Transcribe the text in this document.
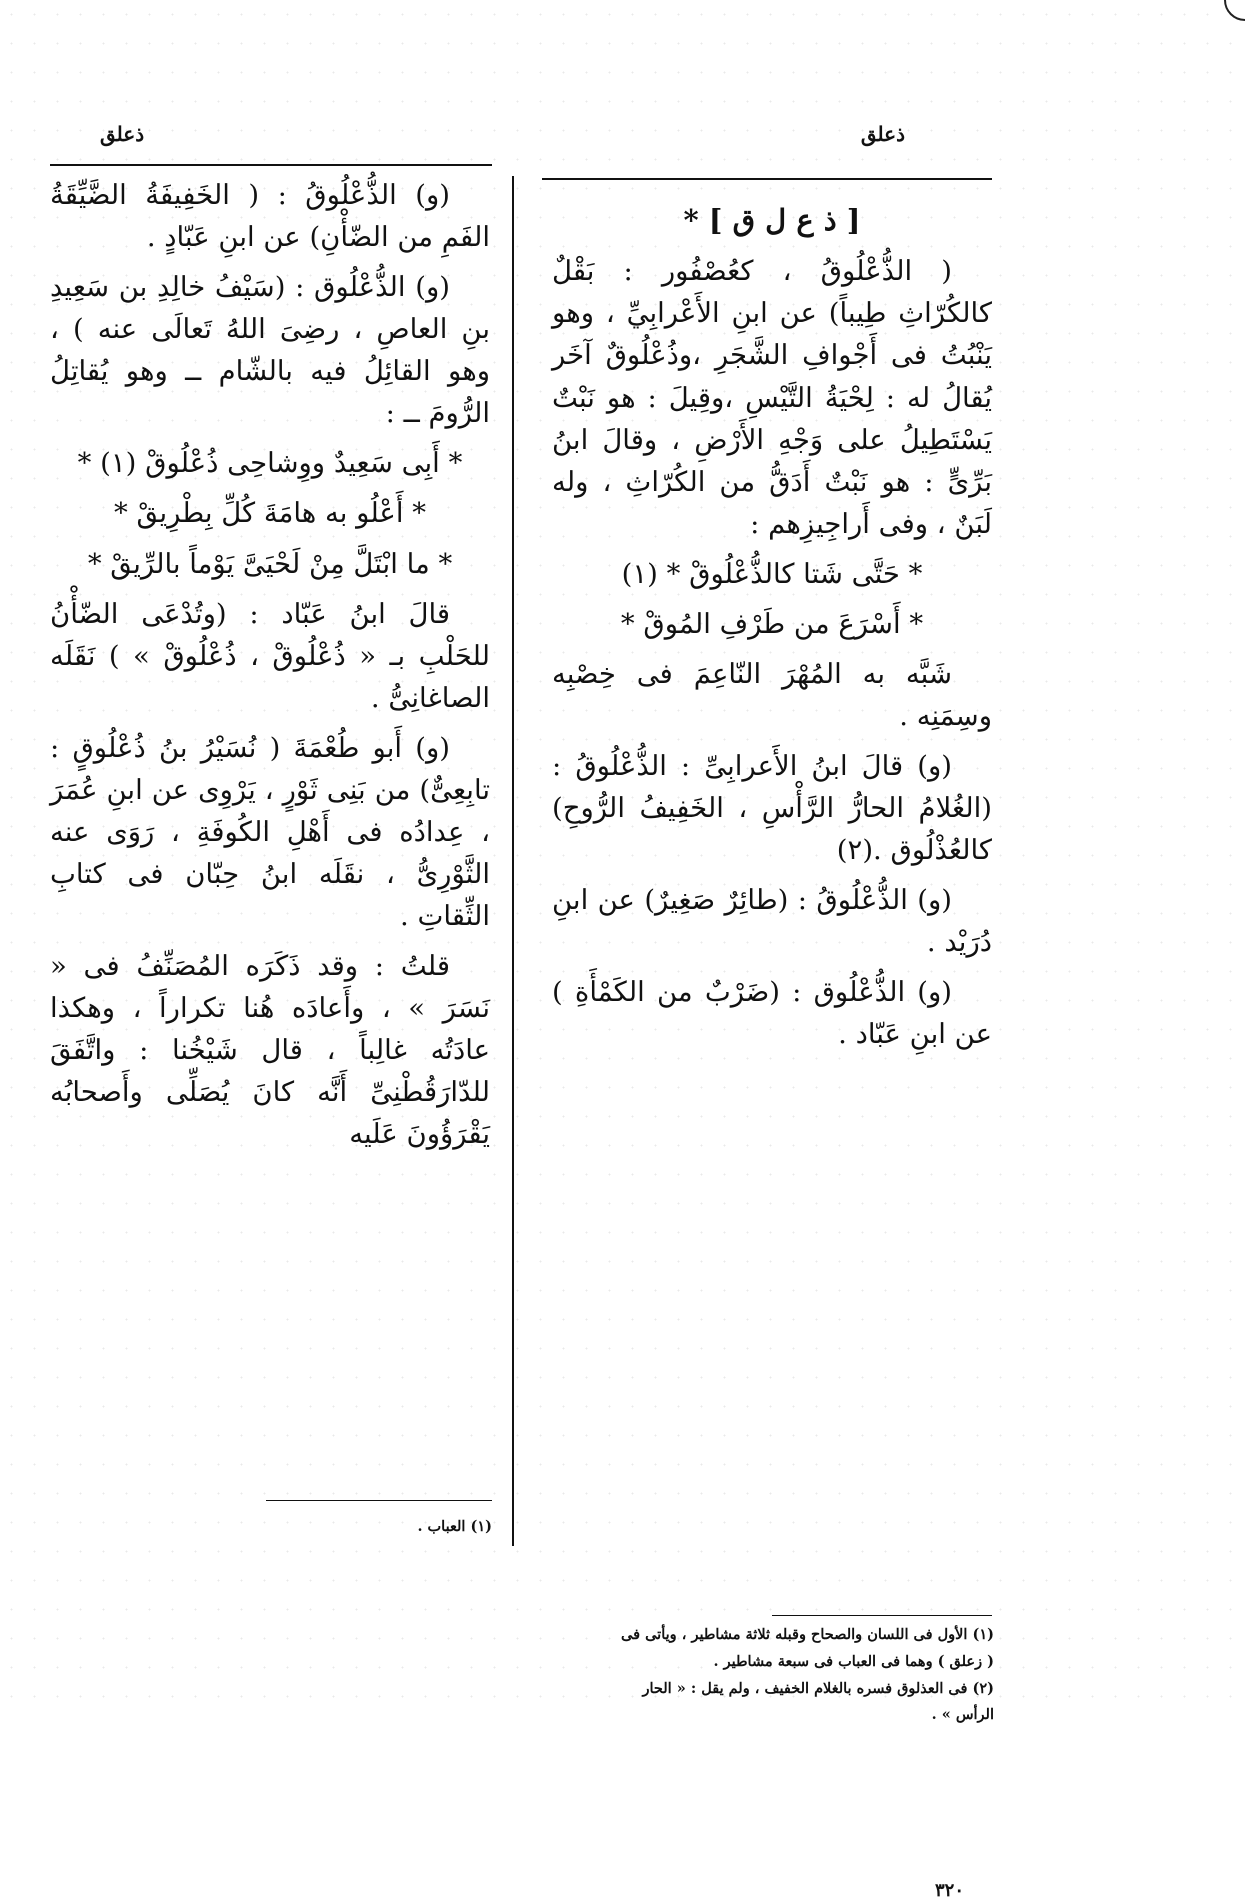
ذعلق
ذعلق

[ ذ ع ل ق ] *

( الذُّعْلُوقُ ، كعُصْفُور : بَقْلٌ كالكُرّاثِ طِيباً) عن ابنِ الأَعْرابِيِّ ، وهو يَنْبُتُ فى أَجْوافِ الشَّجَرِ ،وذُعْلُوقٌ آخَر يُقالُ له : لِحْيَةُ التَّيْسِ ،وقِيلَ : هو نَبْتٌ يَسْتَطِيلُ على وَجْهِ الأَرْضِ ، وقالَ ابنُ بَرِّىٍّ : هو نَبْتٌ أَدَقُّ من الكُرّاثِ ، وله لَبَنٌ ، وفى أَراجِيزِهم :

* حَتَّى شَتا كالذُّعْلُوقْ * (١)

* أَسْرَعَ من طَرْفِ المُوقْ *

شَبَّه به المُهْرَ النّاعِمَ فى خِصْبِه وسِمَنِه .

(و) قالَ ابنُ الأَعرابِىِّ : الذُّعْلُوقُ : (الغُلامُ الحارُّ الرَّأْسِ ، الخَفِيفُ الرُّوحِ) كالعُذْلُوق .(٢)

(و) الذُّعْلُوقُ : (طائِرٌ صَغِيرٌ) عن ابنِ دُرَيْد .

(و) الذُّعْلُوق : (ضَرْبٌ من الكَمْأَةِ ) عن ابنِ عَبّاد .

(و) الذُّعْلُوقُ : ( الخَفِيفَةُ الضَّيِّقَةُ الفَمِ من الضّأْنِ) عن ابنِ عَبّادٍ .

(و) الذُّعْلُوق : (سَيْفُ خالِدِ بن سَعِيدِ بنِ العاصِ ، رضِىَ اللهُ تَعالَى عنه ) ، وهو القائِلُ فيه بالشّام ــ وهو يُقاتِلُ الرُّومَ ــ :

* أَبِى سَعِيدٌ ووِشاحِى ذُعْلُوقْ (١) *

* أَعْلُو به هامَةَ كُلِّ بِطْرِيقْ *

* ما ابْتَلَّ مِنْ لَحْيَىَّ يَوْماً بالرِّيقْ *

قالَ ابنُ عَبّاد : (وتُدْعَى الضّأْنُ للحَلْبِ بـ « ذُعْلُوقْ ، ذُعْلُوقْ » ) نَقَلَه الصاغانِىُّ .

(و) أَبو طُعْمَةَ ( نُسَيْرُ بنُ ذُعْلُوقٍ : تابِعِىٌّ) من بَنِى ثَوْرٍ ، يَرْوِى عن ابنِ عُمَرَ ، عِدادُه فى أَهْلِ الكُوفَةِ ، رَوَى عنه الثَّوْرِىُّ ، نقَلَه ابنُ حِبّان فى كتابِ الثِّقاتِ .

قلتُ : وقد ذَكَرَه المُصَنِّفُ فى « نَسَرَ » ، وأَعادَه هُنا تكراراً ، وهكذا عادَتُه غالِباً ، قال شَيْخُنا : واتَّفَقَ للدّارَقُطْنِىِّ أَنَّه كانَ يُصَلِّى وأَصحابُه يَقْرَؤُونَ عَلَيه

(١) الأول فى اللسان والصحاح وقبله ثلاثة مشاطير ، ويأتى فى

( زعلق ) وهما فى العباب فى سبعة مشاطير .

(٢) فى العذلوق فسره بالغلام الخفيف ، ولم يقل : « الحار

الرأس » .

(١) العباب .

٣٢٠
